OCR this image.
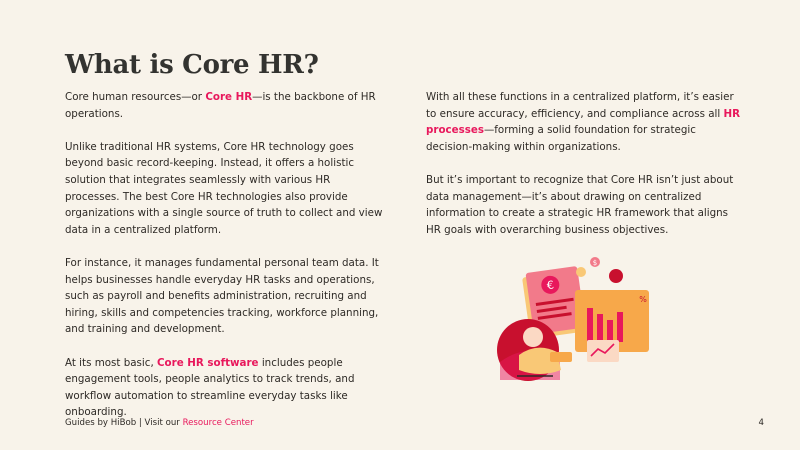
What is Core HR?

Core human resources—or Core HR—is the backbone of HR operations.

Unlike traditional HR systems, Core HR technology goes beyond basic record-keeping. Instead, it offers a holistic solution that integrates seamlessly with various HR processes. The best Core HR technologies also provide organizations with a single source of truth to collect and view data in a centralized platform.

For instance, it manages fundamental personal team data. It helps businesses handle everyday HR tasks and operations, such as payroll and benefits administration, recruiting and hiring, skills and competencies tracking, workforce planning, and training and development.

At its most basic, Core HR software includes people engagement tools, people analytics to track trends, and workflow automation to streamline everyday tasks like onboarding.

With all these functions in a centralized platform, it’s easier to ensure accuracy, efficiency, and compliance across all HR processes—forming a solid foundation for strategic decision-making within organizations.

But it’s important to recognize that Core HR isn’t just about data management—it’s about drawing on centralized information to create a strategic HR framework that aligns HR goals with overarching business objectives.

€
$
%
Guides by HiBob | Visit our Resource Center	4
